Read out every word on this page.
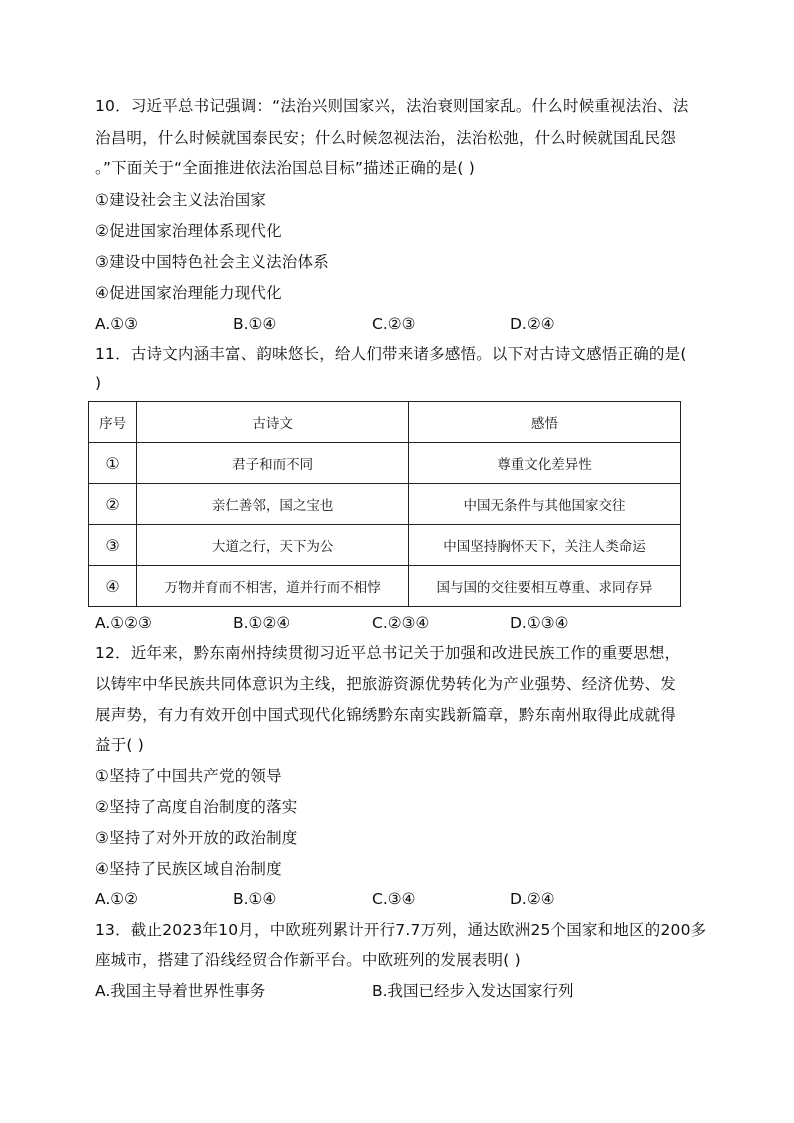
10．习近平总书记强调：“法治兴则国家兴，法治衰则国家乱。什么时候重视法治、法
治昌明，什么时候就国泰民安；什么时候忽视法治，法治松弛，什么时候就国乱民怨
。”下面关于“全面推进依法治国总目标”描述正确的是( )
①建设社会主义法治国家
②促进国家治理体系现代化
③建设中国特色社会主义法治体系
④促进国家治理能力现代化
A.①③	B.①④	C.②③	D.②④
11．古诗文内涵丰富、韵味悠长，给人们带来诸多感悟。以下对古诗文感悟正确的是(
)
序号	古诗文	感悟
①	君子和而不同	尊重文化差异性
②	亲仁善邻，国之宝也	中国无条件与其他国家交往
③	大道之行，天下为公	中国坚持胸怀天下，关注人类命运
④	万物并育而不相害，道并行而不相悖	国与国的交往要相互尊重、求同存异
A.①②③	B.①②④	C.②③④	D.①③④
12．近年来，黔东南州持续贯彻习近平总书记关于加强和改进民族工作的重要思想，
以铸牢中华民族共同体意识为主线，把旅游资源优势转化为产业强势、经济优势、发
展声势，有力有效开创中国式现代化锦绣黔东南实践新篇章，黔东南州取得此成就得
益于( )
①坚持了中国共产党的领导
②坚持了高度自治制度的落实
③坚持了对外开放的政治制度
④坚持了民族区域自治制度
A.①②	B.①④	C.③④	D.②④
13．截止2023年10月，中欧班列累计开行7.7万列，通达欧洲25个国家和地区的200多
座城市，搭建了沿线经贸合作新平台。中欧班列的发展表明( )
A.我国主导着世界性事务	B.我国已经步入发达国家行列
